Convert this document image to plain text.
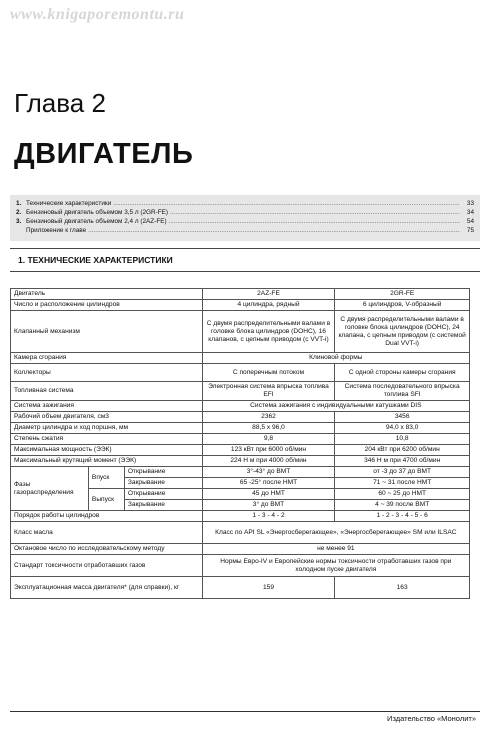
www.knigaporemontu.ru
Глава 2
ДВИГАТЕЛЬ
1. Технические характеристики .....	33
2. Бензиновый двигатель объемом 3,5 л (2GR-FE) .....	34
3. Бензиновый двигатель объемом 2,4 л (2AZ-FE) .....	54
Приложение к главе .....	75
1. ТЕХНИЧЕСКИЕ ХАРАКТЕРИСТИКИ
Двигатель			2AZ-FE	2GR-FE
Число и расположение цилиндров			4 цилиндра, рядный	6 цилиндров, V-образный
Клапанный механизм			С двумя распределительными валами в головке блока цилиндров (DOHC), 16 клапанов, с цепным приводом (с VVT-i)	С двумя распределительными валами в головке блока цилиндров (DOHC), 24 клапана, с цепным приводом (с системой Dual VVT-i)
Камера сгорания			Клиновой формы	
Коллекторы			С поперечным потоком	С одной стороны камеры сгорания
Топливная система			Электронная система впрыска топлива EFI	Система последовательного впрыска топлива SFI
Система зажигания			Система зажигания с индивидуальными катушками DIS	
Рабочий объем двигателя, см3			2362	3456
Диаметр цилиндра и ход поршня, мм			88,5 x 96,0	94,0 x 83,0
Степень сжатия			9,8	10,8
Максимальная мощность (ЭЭК)			123 кВт при 6000 об/мин	204 кВт при 6200 об/мин
Максимальный крутящий момент (ЭЭК)			224 Н м при 4000 об/мин	346 Н м при 4700 об/мин
Фазы газораспределения	Впуск	Открывание	3°-43° до ВМТ	от -3 до 37 до ВМТ
		Закрывание	65 -25° после НМТ	71 ~ 31 после НМТ
	Выпуск	Открывание	45 до НМТ	60 ~ 25 до НМТ
		Закрывание	3° до ВМТ	4 ~ 39 после ВМТ
Порядок работы цилиндров			1 - 3 - 4 - 2	1 - 2 - 3 - 4 - 5 - 6
Класс масла			Класс по API SL «Энергосберегающее», «Энергосберегающее» SM или ILSAC	
Октановое число по исследовательскому методу			не менее 91	
Стандарт токсичности отработавших газов			Нормы Евро-IV и Европейские нормы токсичности отработавших газов при холодном пуске двигателя	
Эксплуатационная масса двигателя* (для справки), кг			159	163
Издательство «Монолит»
